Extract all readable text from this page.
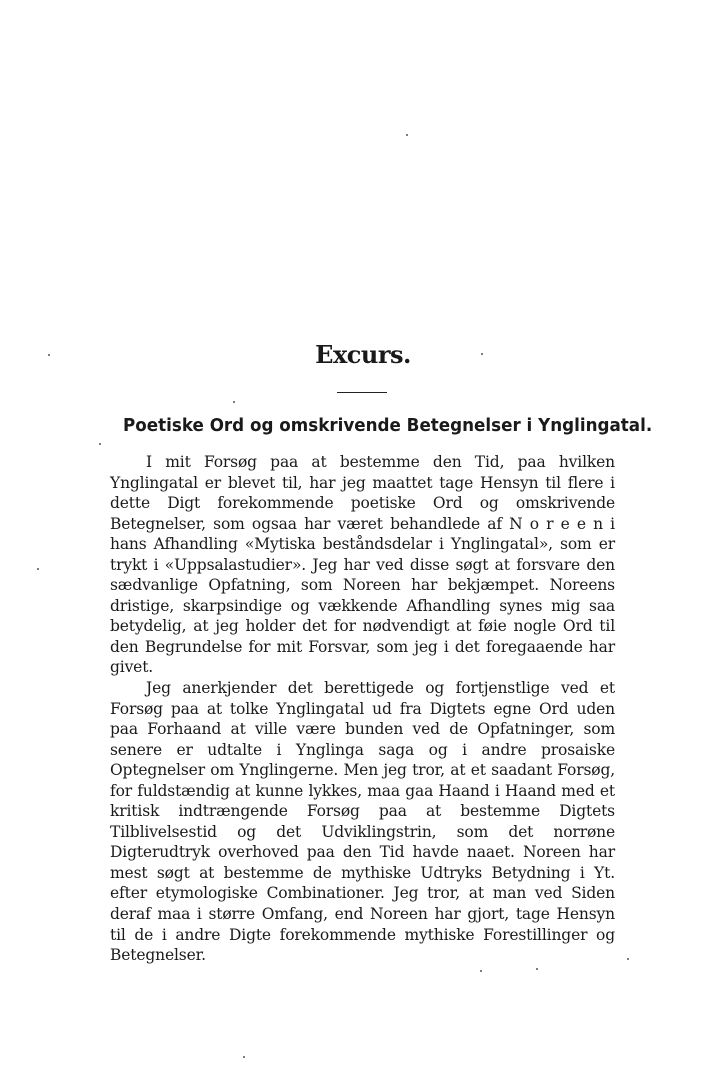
Excurs.
Poetiske Ord og omskrivende Betegnelser i Ynglingatal.

I mit Forsøg paa at bestemme den Tid, paa hvilken Ynglingatal er blevet til, har jeg maattet tage Hensyn til flere i dette Digt forekommende poetiske Ord og omskrivende Betegnelser, som ogsaa har været behandlede af N o r e e n i hans Afhandling «Mytiska beståndsdelar i Ynglingatal», som er trykt i «Uppsalastudier». Jeg har ved disse søgt at forsvare den sædvanlige Opfatning, som Noreen har bekjæmpet. Noreens dristige, skarpsindige og vækkende Afhandling synes mig saa betydelig, at jeg holder det for nødvendigt at føie nogle Ord til den Begrundelse for mit Forsvar, som jeg i det foregaaende har givet.

Jeg anerkjender det berettigede og fortjenstlige ved et Forsøg paa at tolke Ynglingatal ud fra Digtets egne Ord uden paa Forhaand at ville være bunden ved de Opfatninger, som senere er udtalte i Ynglinga saga og i andre prosaiske Optegnelser om Ynglingerne. Men jeg tror, at et saadant Forsøg, for fuldstændig at kunne lykkes, maa gaa Haand i Haand med et kritisk indtrængende Forsøg paa at bestemme Digtets Tilblivelsestid og det Udviklingstrin, som det norrøne Digterudtryk overhoved paa den Tid havde naaet. Noreen har mest søgt at bestemme de mythiske Udtryks Betydning i Yt. efter etymologiske Combinationer. Jeg tror, at man ved Siden deraf maa i større Omfang, end Noreen har gjort, tage Hensyn til de i andre Digte forekommende mythiske Forestillinger og Betegnelser.
